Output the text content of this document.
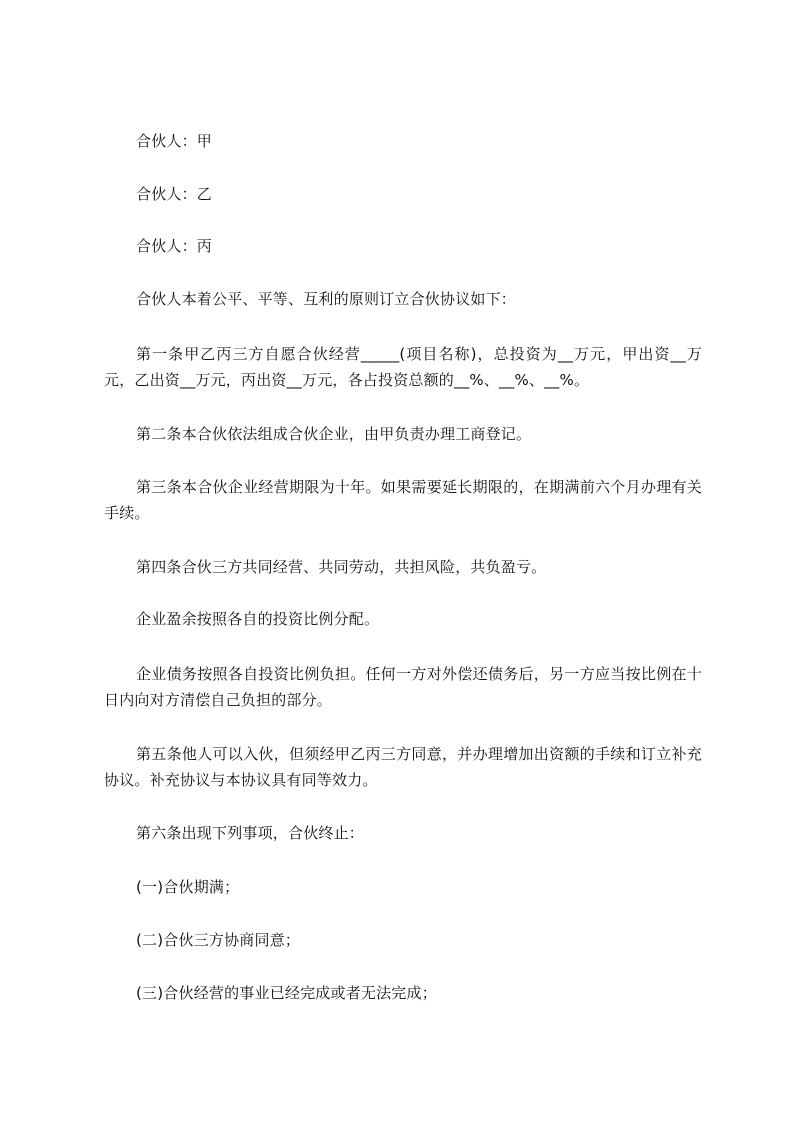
合伙人：甲

合伙人：乙

合伙人：丙

合伙人本着公平、平等、互利的原则订立合伙协议如下：

第一条甲乙丙三方自愿合伙经营_____(项目名称)，总投资为__万元，甲出资__万元，乙出资__万元，丙出资__万元，各占投资总额的__%、__%、__%。

第二条本合伙依法组成合伙企业，由甲负责办理工商登记。

第三条本合伙企业经营期限为十年。如果需要延长期限的，在期满前六个月办理有关手续。

第四条合伙三方共同经营、共同劳动，共担风险，共负盈亏。

企业盈余按照各自的投资比例分配。

企业债务按照各自投资比例负担。任何一方对外偿还债务后，另一方应当按比例在十日内向对方清偿自己负担的部分。

第五条他人可以入伙，但须经甲乙丙三方同意，并办理增加出资额的手续和订立补充协议。补充协议与本协议具有同等效力。

第六条出现下列事项，合伙终止：

(一)合伙期满；

(二)合伙三方协商同意；

(三)合伙经营的事业已经完成或者无法完成；
